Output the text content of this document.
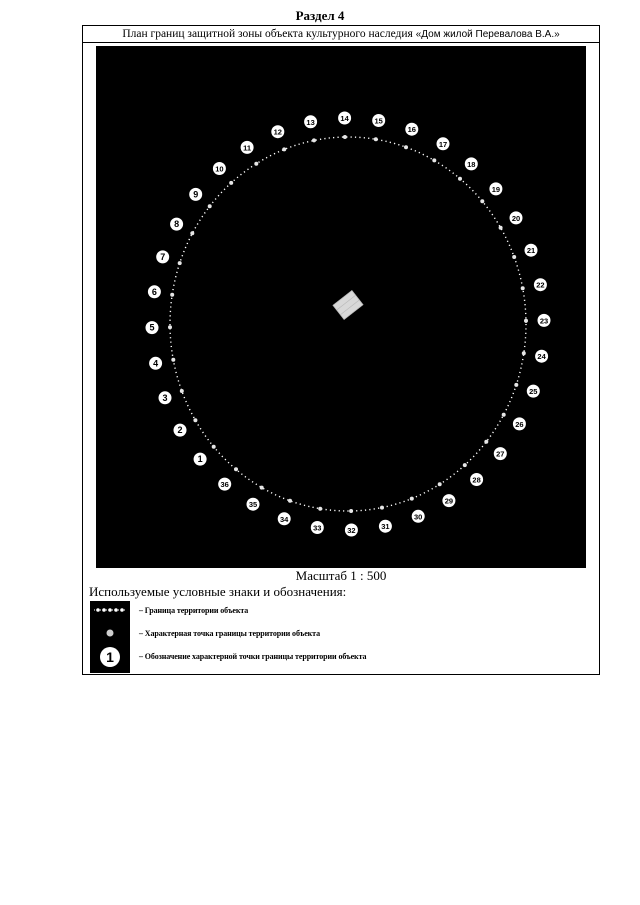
Раздел 4
План границ защитной зоны объекта культурного наследия «Дом жилой Перевалова В.А.»
1
2
3
4
5
6
7
8
9
10
11
12
13	14	15
16
17
18
19
20
21
22
23
24
25
26
27
28
29
30
31
32
33
34
35
36
Масштаб 1 : 500
Используемые условные знаки и обозначения:
1
– Граница территории объекта
– Характерная точка границы территории объекта
– Обозначение характерной точки границы территории объекта
